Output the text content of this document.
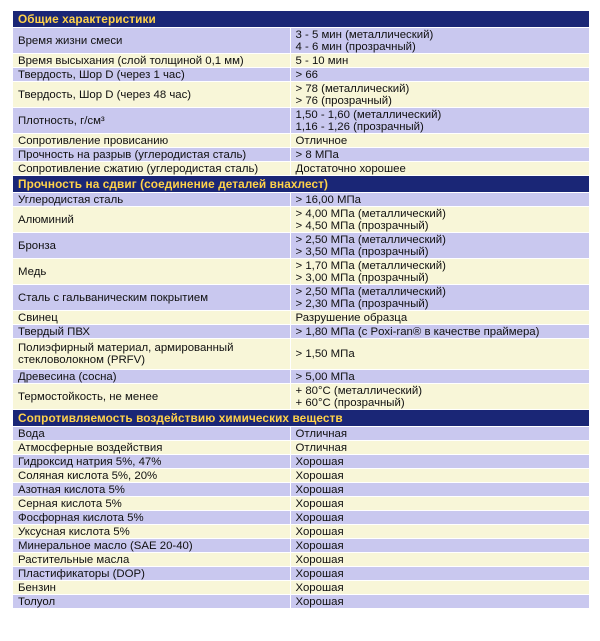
Общие характеристики	
Время жизни смеси	3 - 5 мин (металлический)
4 - 6 мин (прозрачный)

Время высыхания (слой толщиной 0,1 мм)	5 - 10 мин

Твердость, Шор D (через 1 час)	> 66

Твердость, Шор D (через 48 час)	> 78 (металлический)
> 76 (прозрачный)

Плотность, г/см³	1,50 - 1,60 (металлический)
1,16 - 1,26 (прозрачный)

Сопротивление провисанию	Отличное

Прочность на разрыв (углеродистая сталь)	> 8 МПа

Сопротивление сжатию (углеродистая сталь)	Достаточно хорошее

Прочность на сдвиг (соединение деталей внахлест)	
Углеродистая сталь	> 16,00 МПа

Алюминий	> 4,00 МПа (металлический)
> 4,50 МПа (прозрачный)

Бронза	> 2,50 МПа (металлический)
> 3,50 МПа (прозрачный)

Медь	> 1,70 МПа (металлический)
> 3,00 МПа (прозрачный)

Сталь с гальваническим покрытием	> 2,50 МПа (металлический)
> 2,30 МПа (прозрачный)

Свинец	Разрушение образца

Твердый ПВХ	> 1,80 МПа (с Poxi-ran® в качестве праймера)

Полиэфирный материал, армированный стекловолокном (PRFV)	> 1,50 МПа

Древесина (сосна)	> 5,00 МПа

Термостойкость, не менее	+ 80°С (металлический)
+ 60°С (прозрачный)

Сопротивляемость воздействию химических веществ	
Вода	Отличная

Атмосферные воздействия	Отличная

Гидроксид натрия 5%, 47%	Хорошая

Соляная кислота 5%, 20%	Хорошая

Азотная кислота 5%	Хорошая

Серная кислота 5%	Хорошая

Фосфорная кислота 5%	Хорошая

Уксусная кислота 5%	Хорошая

Минеральное масло (SAE 20-40)	Хорошая

Растительные масла	Хорошая

Пластификаторы (DOP)	Хорошая

Бензин	Хорошая

Толуол	Хорошая
